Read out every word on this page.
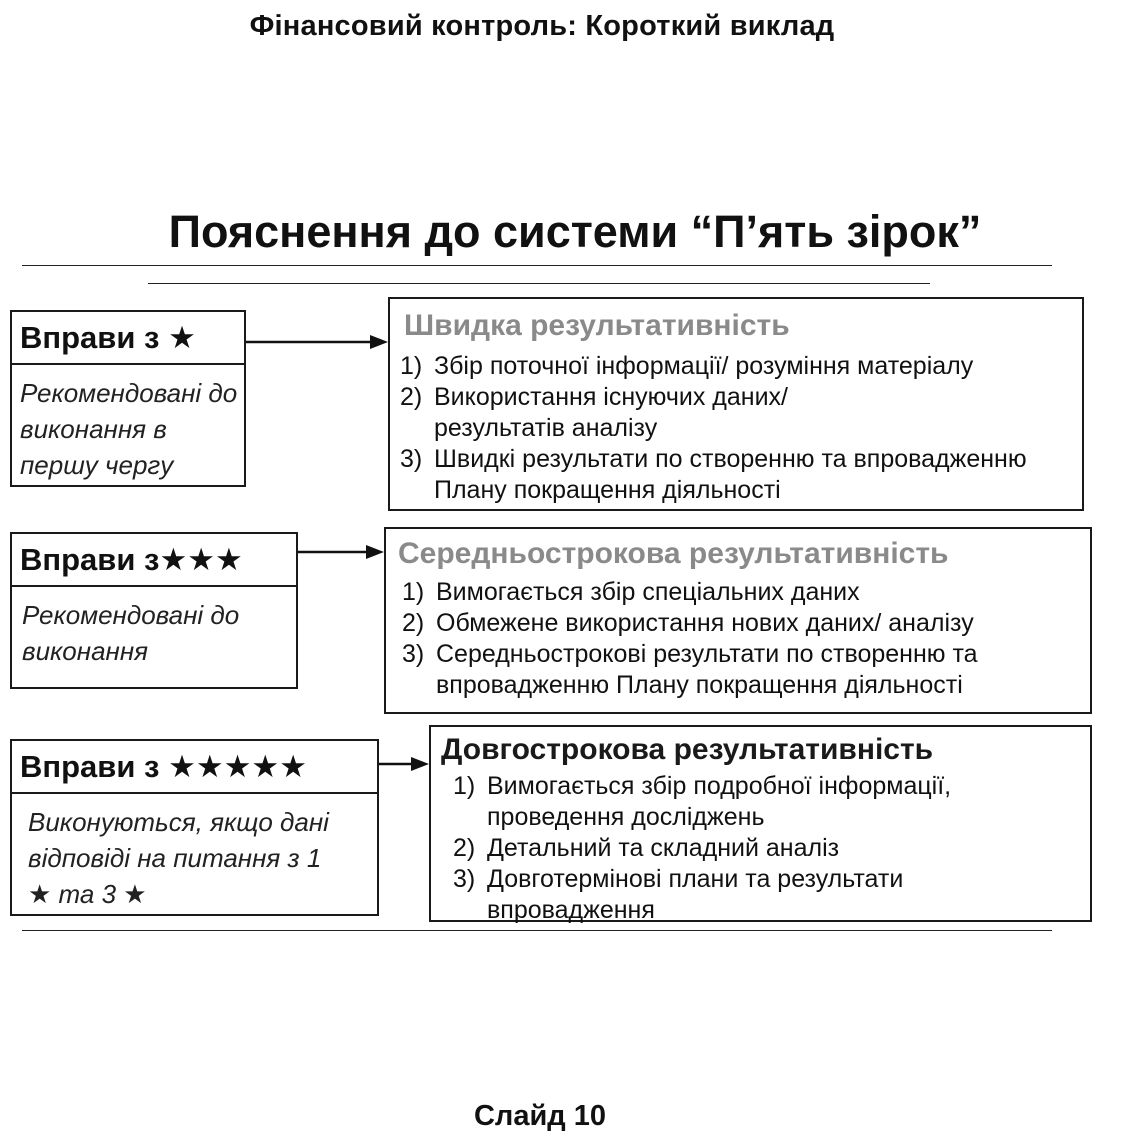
Фінансовий контроль: Короткий виклад
Пояснення до системи “П’ять зірок”
Вправи з
★
Рекомендовані до виконання в першу чергу
Швидка результативність
1) Збір поточної інформації/ розуміння матеріалу
2) Використання існуючих даних/ результатів аналізу
3) Швидкі результати по створенню та впровадженню Плану покращення діяльності
Вправи з ★★★
Рекомендовані до виконання
Середньострокова результативність
1) Вимогається збір спеціальних даних
2) Обмежене використання нових даних/ аналізу
3) Середньострокові результати по створенню та впровадженню Плану покращення діяльності
Вправи з
★★★★★
Виконуються, якщо дані відповіді на питання з 1 ★ та 3 ★
Довгострокова результативність
1) Вимогається збір подробної інформації, проведення досліджень
2) Детальний та складний аналіз
3) Довготермінові плани та результати впровадження
Слайд 10
